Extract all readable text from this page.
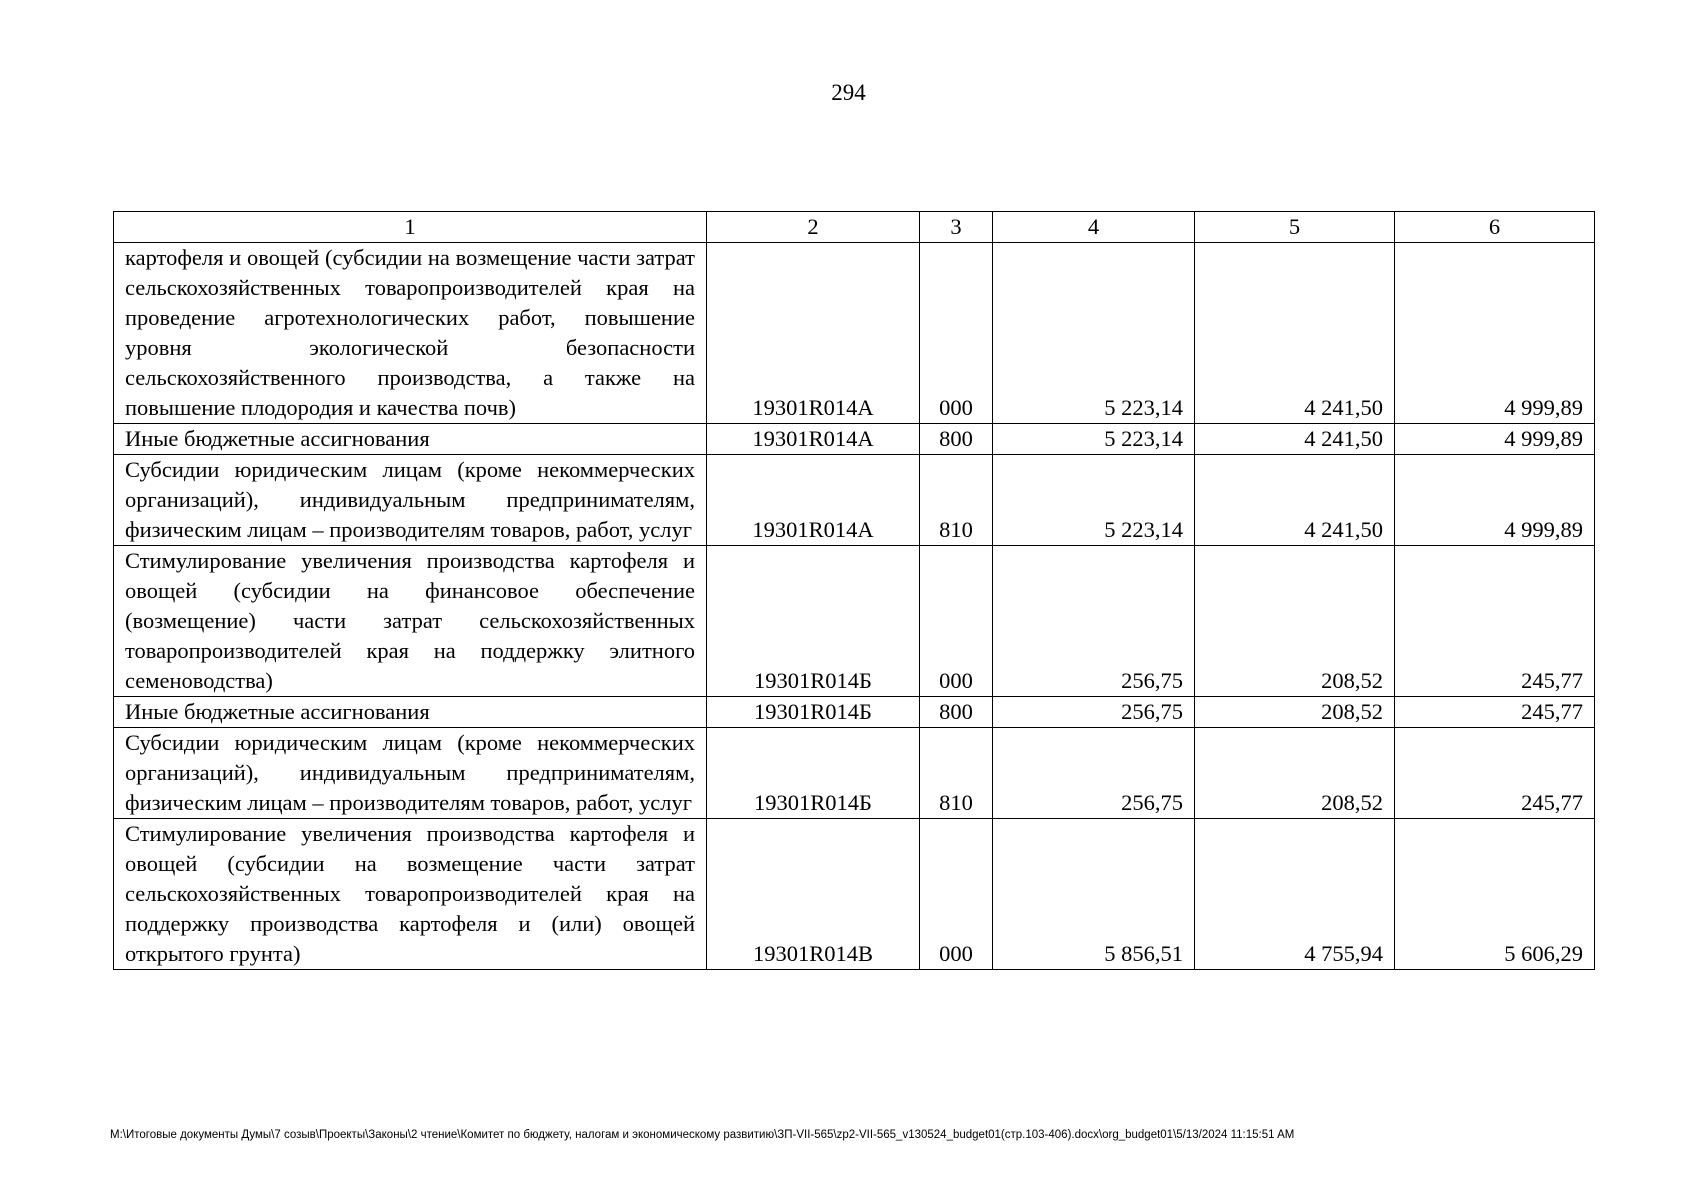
294
1	2	3	4	5	6
картофеля и овощей (субсидии на возмещение части затрат сельскохозяйственных товаропроизводителей края на проведение агротехнологических работ, повышение уровня экологической безопасности сельскохозяйственного производства, а также на повышение плодородия и качества почв)	19301R014А	000	5 223,14	4 241,50	4 999,89
Иные бюджетные ассигнования	19301R014А	800	5 223,14	4 241,50	4 999,89
Субсидии юридическим лицам (кроме некоммерческих организаций), индивидуальным предпринимателям, физическим лицам – производителям товаров, работ, услуг	19301R014А	810	5 223,14	4 241,50	4 999,89
Стимулирование увеличения производства картофеля и овощей (субсидии на финансовое обеспечение (возмещение) части затрат сельскохозяйственных товаропроизводителей края на поддержку элитного семеноводства)	19301R014Б	000	256,75	208,52	245,77
Иные бюджетные ассигнования	19301R014Б	800	256,75	208,52	245,77
Субсидии юридическим лицам (кроме некоммерческих организаций), индивидуальным предпринимателям, физическим лицам – производителям товаров, работ, услуг	19301R014Б	810	256,75	208,52	245,77
Стимулирование увеличения производства картофеля и овощей (субсидии на возмещение части затрат сельскохозяйственных товаропроизводителей края на поддержку производства картофеля и (или) овощей открытого грунта)	19301R014В	000	5 856,51	4 755,94	5 606,29
M:\Итоговые документы Думы\7 созыв\Проекты\Законы\2 чтение\Комитет по бюджету, налогам и экономическому развитию\ЗП-VII-565\zp2-VII-565_v130524_budget01(стр.103-406).docx\org_budget01\5/13/2024 11:15:51 AM
